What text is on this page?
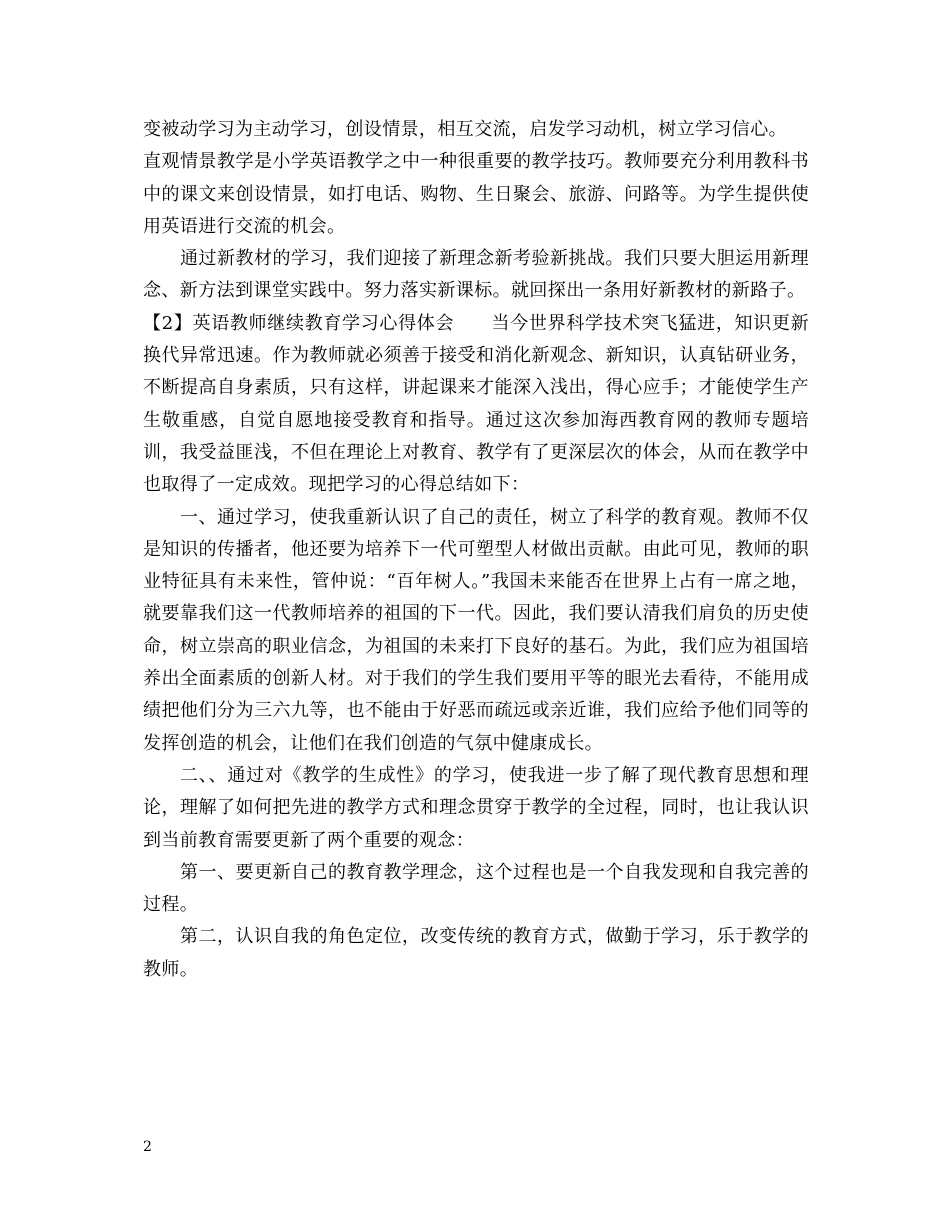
变被动学习为主动学习，创设情景，相互交流，启发学习动机，树立学习信心。

直观情景教学是小学英语教学之中一种很重要的教学技巧。教师要充分利用教科书中的课文来创设情景，如打电话、购物、生日聚会、旅游、问路等。为学生提供使用英语进行交流的机会。

通过新教材的学习，我们迎接了新理念新考验新挑战。我们只要大胆运用新理念、新方法到课堂实践中。努力落实新课标。就回探出一条用好新教材的新路子。

【2】英语教师继续教育学习心得体会　　当今世界科学技术突飞猛进，知识更新换代异常迅速。作为教师就必须善于接受和消化新观念、新知识，认真钻研业务，不断提高自身素质，只有这样，讲起课来才能深入浅出，得心应手；才能使学生产生敬重感，自觉自愿地接受教育和指导。通过这次参加海西教育网的教师专题培训，我受益匪浅，不但在理论上对教育、教学有了更深层次的体会，从而在教学中也取得了一定成效。现把学习的心得总结如下：

一、通过学习，使我重新认识了自己的责任，树立了科学的教育观。教师不仅是知识的传播者，他还要为培养下一代可塑型人材做出贡献。由此可见，教师的职业特征具有未来性，管仲说：“百年树人。”我国未来能否在世界上占有一席之地，就要靠我们这一代教师培养的祖国的下一代。因此，我们要认清我们肩负的历史使命，树立崇高的职业信念，为祖国的未来打下良好的基石。为此，我们应为祖国培养出全面素质的创新人材。对于我们的学生我们要用平等的眼光去看待，不能用成绩把他们分为三六九等，也不能由于好恶而疏远或亲近谁，我们应给予他们同等的发挥创造的机会，让他们在我们创造的气氛中健康成长。

二、、通过对《教学的生成性》的学习，使我进一步了解了现代教育思想和理论，理解了如何把先进的教学方式和理念贯穿于教学的全过程，同时，也让我认识到当前教育需要更新了两个重要的观念：

第一、要更新自己的教育教学理念，这个过程也是一个自我发现和自我完善的过程。

第二，认识自我的角色定位，改变传统的教育方式，做勤于学习，乐于教学的教师。

2
